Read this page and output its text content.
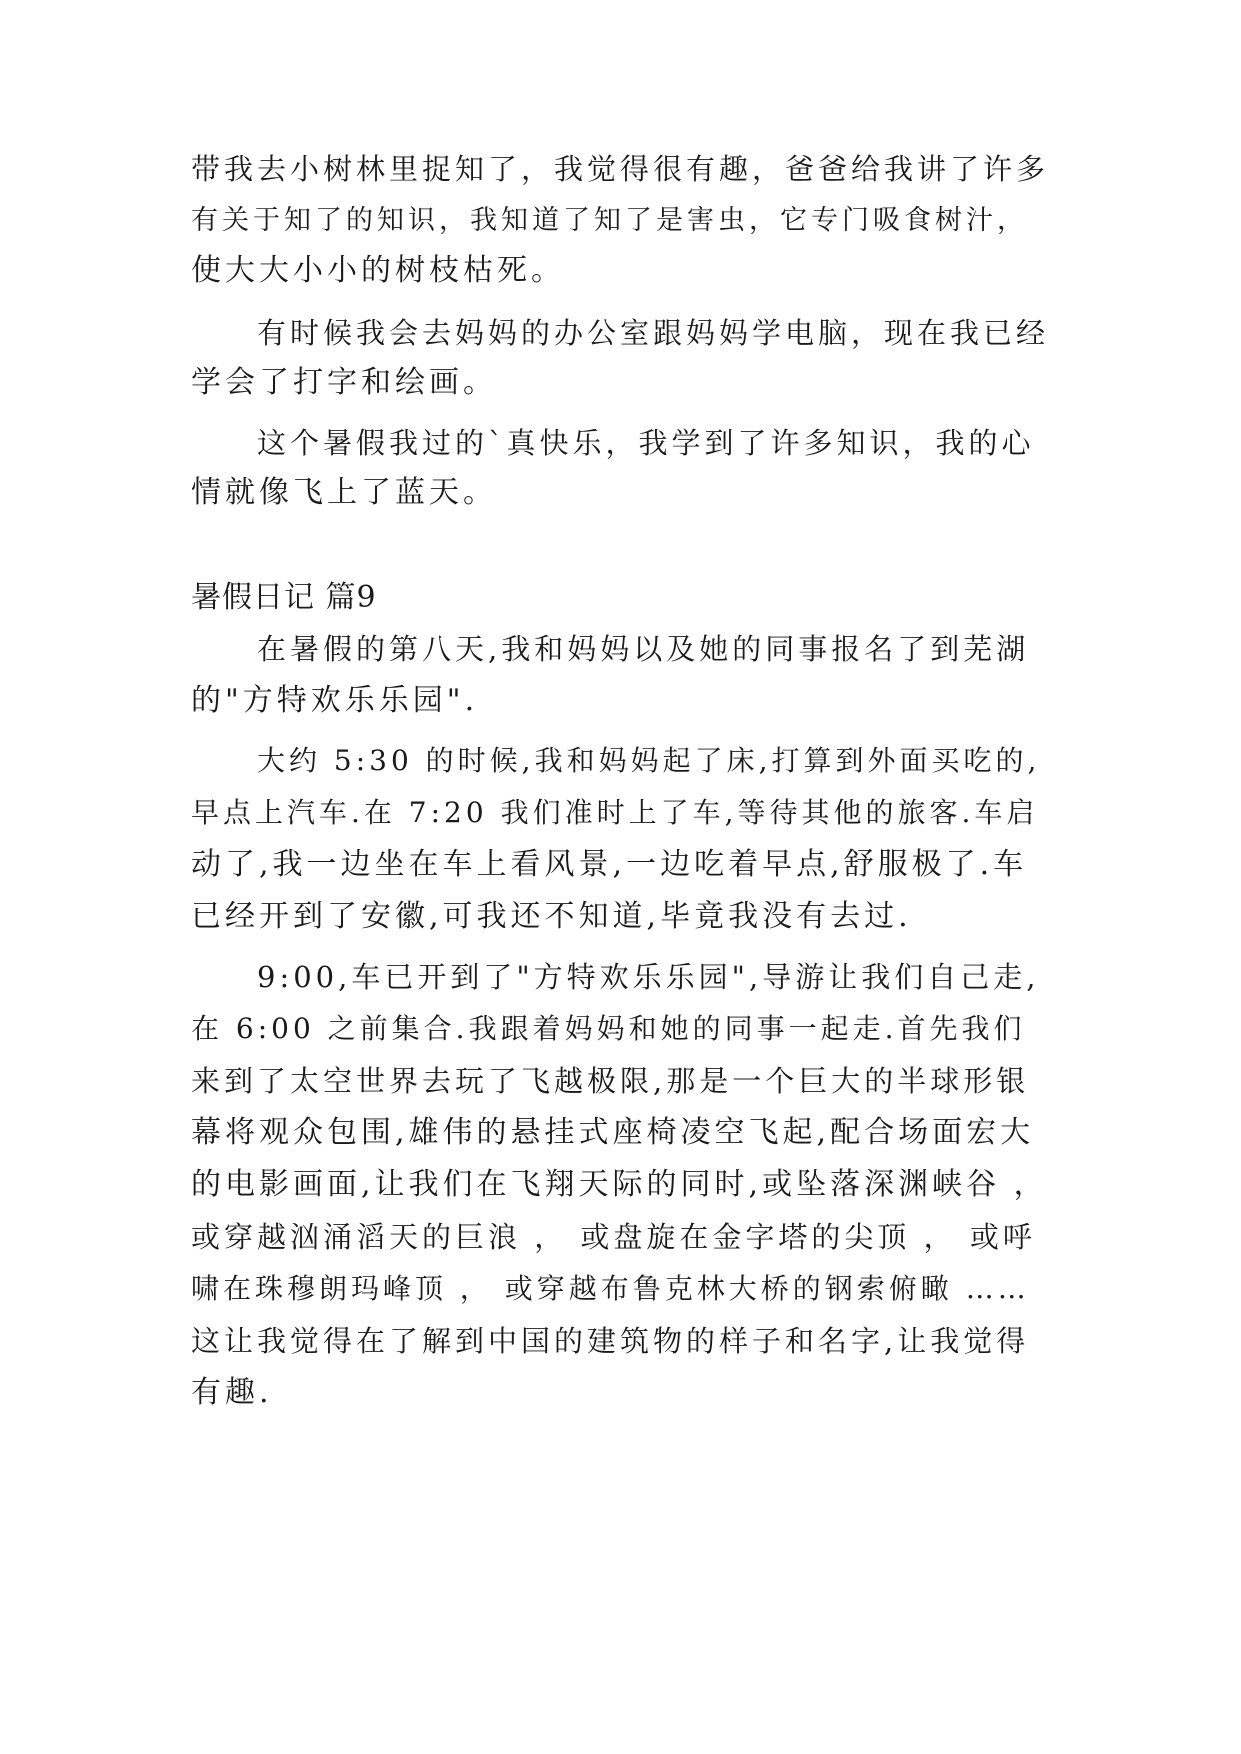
带我去小树林里捉知了，我觉得很有趣，爸爸给我讲了许多
有关于知了的知识，我知道了知了是害虫，它专门吸食树汁，
使大大小小的树枝枯死。
有时候我会去妈妈的办公室跟妈妈学电脑，现在我已经
学会了打字和绘画。
这个暑假我过的`真快乐，我学到了许多知识，我的心
情就像飞上了蓝天。
暑假日记 篇9
在暑假的第八天,我和妈妈以及她的同事报名了到芜湖
的"方特欢乐乐园".
大约 5:30 的时候,我和妈妈起了床,打算到外面买吃的,
早点上汽车.在 7:20 我们准时上了车,等待其他的旅客.车启
动了,我一边坐在车上看风景,一边吃着早点,舒服极了.车
已经开到了安徽,可我还不知道,毕竟我没有去过.
9:00,车已开到了"方特欢乐乐园",导游让我们自己走,
在 6:00 之前集合.我跟着妈妈和她的同事一起走.首先我们
来到了太空世界去玩了飞越极限,那是一个巨大的半球形银
幕将观众包围,雄伟的悬挂式座椅凌空飞起,配合场面宏大
的电影画面,让我们在飞翔天际的同时,或坠落深渊峡谷 ，
或穿越汹涌滔天的巨浪 ， 或盘旋在金字塔的尖顶 ， 或呼
啸在珠穆朗玛峰顶 ， 或穿越布鲁克林大桥的钢索俯瞰 ……
这让我觉得在了解到中国的建筑物的样子和名字,让我觉得
有趣.
